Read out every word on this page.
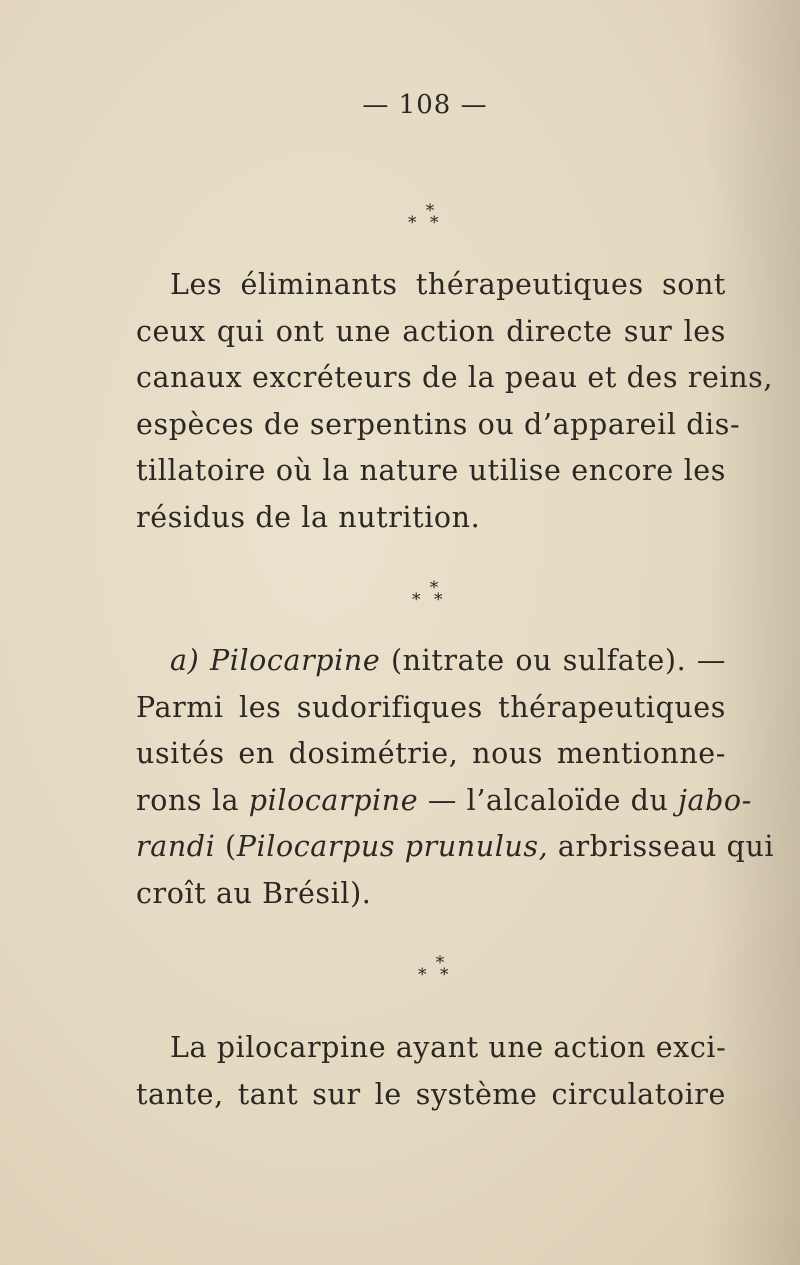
— 108 —
*
* *
Les éliminants thérapeutiques sont
ceux qui ont une action directe sur les
canaux excréteurs de la peau et des reins,
espèces de serpentins ou d’appareil dis-
tillatoire où la nature utilise encore les
résidus de la nutrition.
*
* *
a) Pilocarpine (nitrate ou sulfate). —
Parmi les sudorifiques thérapeutiques
usités en dosimétrie, nous mentionne-
rons la pilocarpine — l’alcaloïde du jabo-
randi (Pilocarpus prunulus, arbrisseau qui
croît au Brésil).
*
* *
La pilocarpine ayant une action exci-
tante, tant sur le système circulatoire
